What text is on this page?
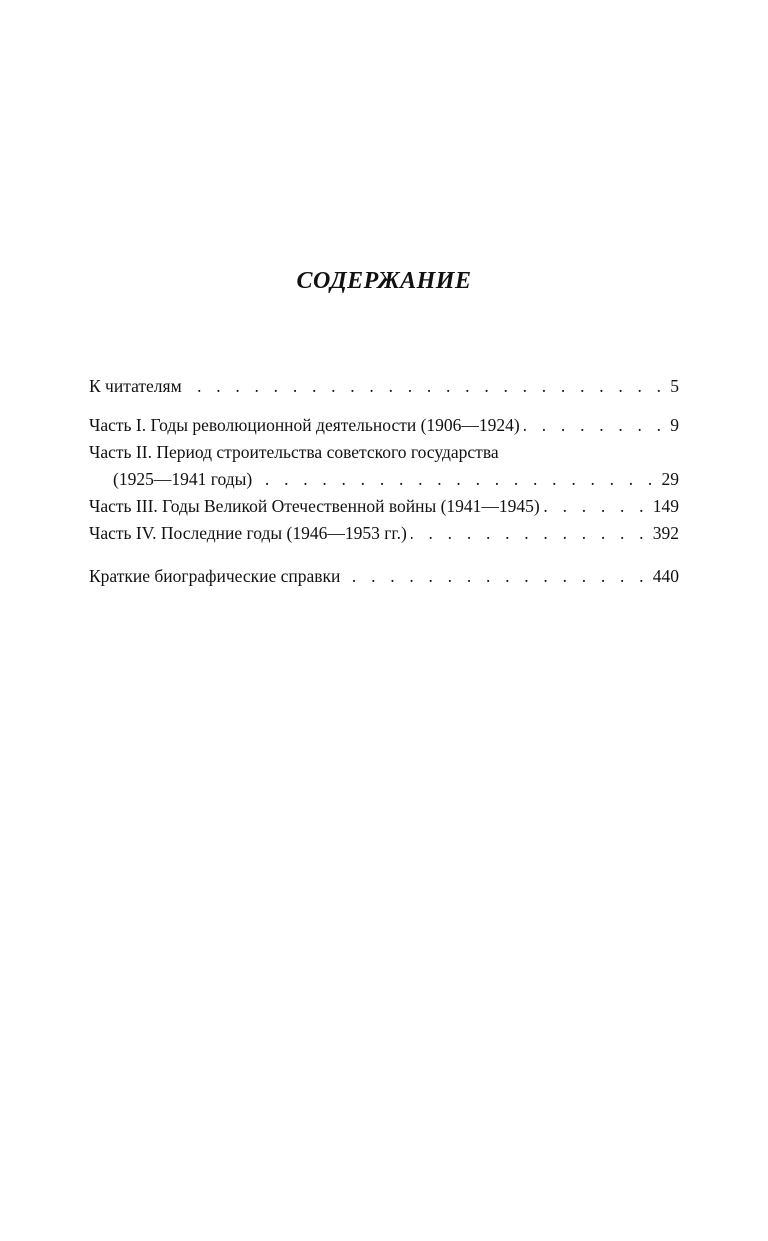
СОДЕРЖАНИЕ
К читателям . . .	5
Часть I. Годы революционной деятельности (1906—1924) . . .	9
Часть II. Период строительства советского государства
(1925—1941 годы) . . .	29
Часть III. Годы Великой Отечественной войны (1941—1945) . . .	149
Часть IV. Последние годы (1946—1953 гг.) . . .	392
Краткие биографические справки . . .	440
